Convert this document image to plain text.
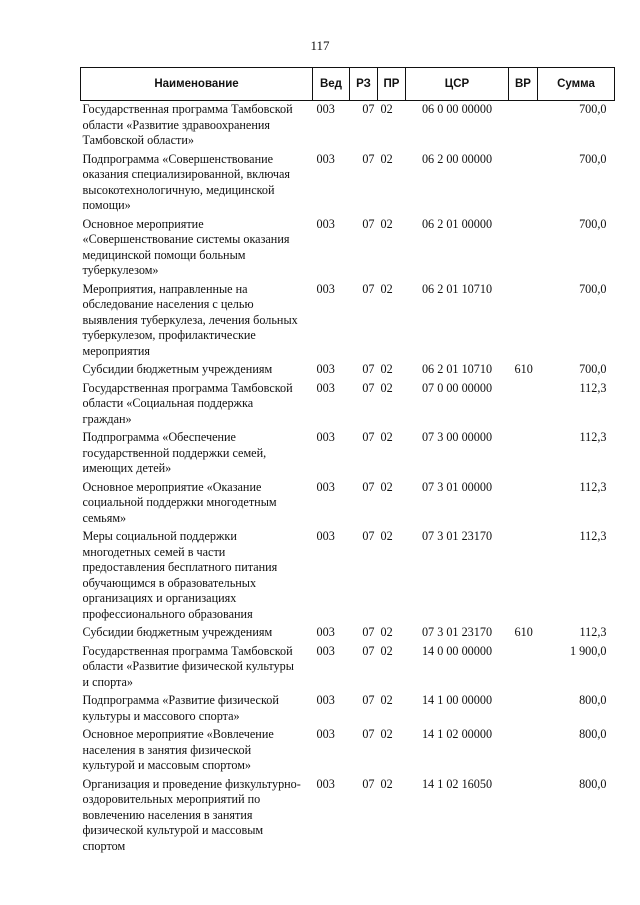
117
Наименование	Вед	РЗ	ПР	ЦСР	ВР	Сумма
Государственная программа Тамбовской области «Развитие здравоохранения Тамбовской области»	003	07	02	06 0 00 00000		700,0
Подпрограмма «Совершенствование оказания специализированной, включая высокотехнологичную, медицинской помощи»	003	07	02	06 2 00 00000		700,0
Основное мероприятие «Совершенствование системы оказания медицинской помощи больным туберкулезом»	003	07	02	06 2 01 00000		700,0
Мероприятия, направленные на обследование населения с целью выявления туберкулеза, лечения больных туберкулезом, профилактические мероприятия	003	07	02	06 2 01 10710		700,0
Субсидии бюджетным учреждениям	003	07	02	06 2 01 10710	610	700,0
Государственная программа Тамбовской области «Социальная поддержка граждан»	003	07	02	07 0 00 00000		112,3
Подпрограмма «Обеспечение государственной поддержки семей, имеющих детей»	003	07	02	07 3 00 00000		112,3
Основное мероприятие «Оказание социальной поддержки многодетным семьям»	003	07	02	07 3 01 00000		112,3
Меры социальной поддержки многодетных семей в части предоставления бесплатного питания обучающимся в образовательных организациях и организациях профессионального образования	003	07	02	07 3 01 23170		112,3
Субсидии бюджетным учреждениям	003	07	02	07 3 01 23170	610	112,3
Государственная программа Тамбовской области «Развитие физической культуры и спорта»	003	07	02	14 0 00 00000		1 900,0
Подпрограмма «Развитие физической культуры и массового спорта»	003	07	02	14 1 00 00000		800,0
Основное мероприятие «Вовлечение населения в занятия физической культурой и массовым спортом»	003	07	02	14 1 02 00000		800,0
Организация и проведение физкультурно-оздоровительных мероприятий по вовлечению населения в занятия физической культурой и массовым спортом	003	07	02	14 1 02 16050		800,0
